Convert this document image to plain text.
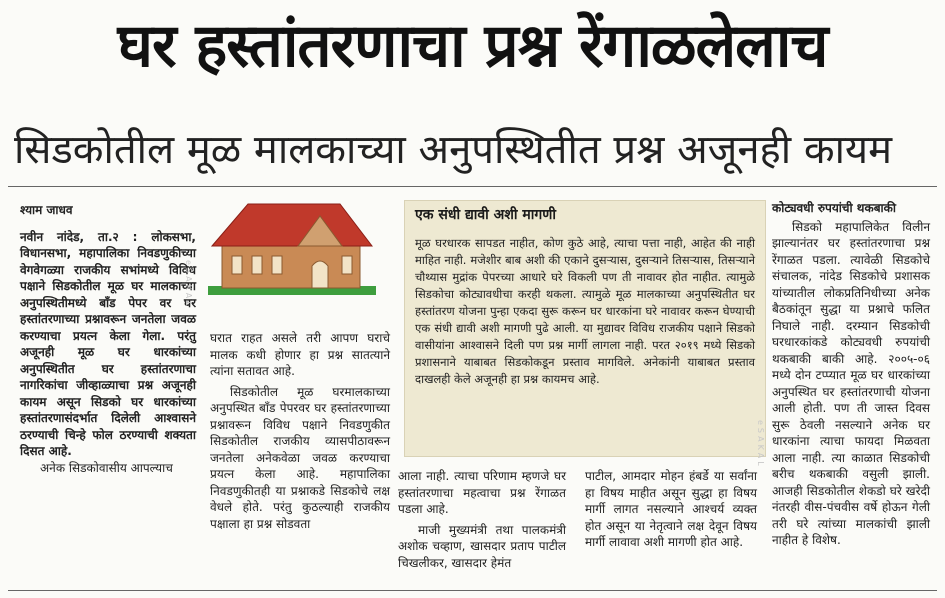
घर हस्तांतरणाचा प्रश्न रेंगाळलेलाच
सिडकोतील मूळ मालकाच्या अनुपस्थितीत प्रश्न अजूनही कायम
श्याम जाधव

नवीन नांदेड, ता.२ : लोकसभा, विधानसभा, महापालिका निवडणुकीच्या वेगवेगळ्या राजकीय सभांमध्ये विविध पक्षाने सिडकोतील मूळ घर मालकाच्या अनुपस्थितीमध्ये बाँड पेपर वर घर हस्तांतरणाच्या प्रश्नावरून जनतेला जवळ करण्याचा प्रयत्न केला गेला. परंतु अजूनही मूळ घर धारकांच्या अनुपस्थितीत घर हस्तांतरणाचा नागरिकांचा जीव्हाळ्याचा प्रश्न अजूनही कायम असून सिडको घर धारकांच्या हस्तांतरणासंदर्भात दिलेली आश्वासने ठरण्याची चिन्हे फोल ठरण्याची शक्यता दिसत आहे.

अनेक सिडकोवासीय आपल्याच

घरात राहत असले तरी आपण घराचे मालक कधी होणार हा प्रश्न सातत्याने त्यांना सतावत आहे.

सिडकोतील मूळ घरमालकाच्या अनुपस्थित बाँड पेपरवर घर हस्तांतरणाच्या प्रश्नावरून विविध पक्षाने निवडणुकीत सिडकोतील राजकीय व्यासपीठावरून जनतेला अनेकवेळा जवळ करण्याचा प्रयत्न केला आहे. महापालिका निवडणुकीतही या प्रश्नाकडे सिडकोचे लक्ष वेधले होते. परंतु कुठल्याही राजकीय पक्षाला हा प्रश्न सोडवता

एक संधी द्यावी अशी मागणी

मूळ घरधारक सापडत नाहीत, कोण कुठे आहे, त्याचा पत्ता नाही, आहेत की नाही माहित नाही. मजेशीर बाब अशी की एकाने दुसऱ्यास, दुसऱ्याने तिसऱ्यास, तिसऱ्याने चौथ्यास मुद्रांक पेपरच्या आधारे घरे विकली पण ती नावावर होत नाहीत. त्यामुळे सिडकोचा कोट्यावधीचा करही थकला. त्यामुळे मूळ मालकाच्या अनुपस्थितीत घर हस्तांतरण योजना पुन्हा एकदा सुरू करून घर धारकांना घरे नावावर करून घेण्याची एक संधी द्यावी अशी मागणी पुढे आली. या मुद्यावर विविध राजकीय पक्षाने सिडको वासीयांना आश्वासने दिली पण प्रश्न मार्गी लागला नाही. परत २०१९ मध्ये सिडको प्रशासनाने याबाबत सिडकोकडून प्रस्ताव मागविले. अनेकांनी याबाबत प्रस्ताव दाखलही केले अजूनही हा प्रश्न कायमच आहे.

आला नाही. त्याचा परिणाम म्हणजे घर हस्तांतरणाचा महत्वाचा प्रश्न रेंगाळत पडला आहे.

माजी मुख्यमंत्री तथा पालकमंत्री अशोक चव्हाण, खासदार प्रताप पाटील चिखलीकर, खासदार हेमंत

पाटील, आमदार मोहन हंबर्डे या सर्वांना हा विषय माहीत असून सुद्धा हा विषय मार्गी लागत नसल्याने आश्चर्य व्यक्त होत असून या नेतृत्वाने लक्ष देवून विषय मार्गी लावावा अशी मागणी होत आहे.

कोट्यवधी रुपयांची थकबाकी

सिडको महापालिकेत विलीन झाल्यानंतर घर हस्तांतरणाचा प्रश्न रेंगाळत पडला. त्यावेळी सिडकोचे संचालक, नांदेड सिडकोचे प्रशासक यांच्यातील लोकप्रतिनिधीच्या अनेक बैठकांतून सुद्धा या प्रश्नाचे फलित निघाले नाही. दरम्यान सिडकोची घरधारकांकडे कोट्यवधी रुपयांची थकबाकी बाकी आहे. २००५-०६ मध्ये दोन टप्प्यात मूळ घर धारकांच्या अनुपस्थित घर हस्तांतरणाची योजना आली होती. पण ती जास्त दिवस सुरू ठेवली नसल्याने अनेक घर धारकांना त्याचा फायदा मिळवता आला नाही. त्या काळात सिडकोची बरीच थकबाकी वसुली झाली. आजही सिडकोतील शेकडो घरे खरेदी नंतरही वीस-पंचवीस वर्षे होऊन गेली तरी घरे त्यांच्या मालकांची झाली नाहीत हे विशेष.

eSAKAL
eSAKAL
